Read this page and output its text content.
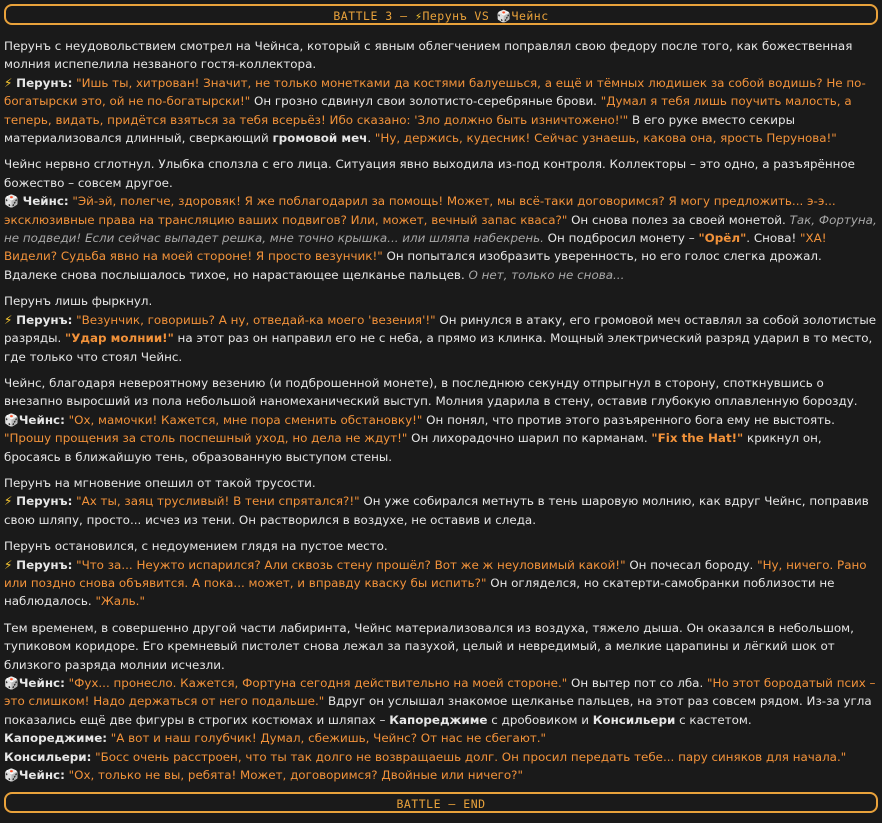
BATTLE 3 – ⚡Перунъ VS 🎲Чейнс
Перунъ с неудовольствием смотрел на Чейнса, который с явным облегчением поправлял свою федору после того, как божественная молния испепелила незваного гостя-коллектора.
⚡ Перунъ: "Ишь ты, хитрован! Значит, не только монетками да костями балуешься, а ещё и тёмных людишек за собой водишь? Не по-богатырски это, ой не по-богатырски!" Он грозно сдвинул свои золотисто-серебряные брови. "Думал я тебя лишь поучить малость, а теперь, видать, придётся взяться за тебя всерьёз! Ибо сказано: 'Зло должно быть изничтожено!'" В его руке вместо секиры материализовался длинный, сверкающий громовой меч. "Ну, держись, кудесник! Сейчас узнаешь, какова она, ярость Перунова!"
Чейнс нервно сглотнул. Улыбка сползла с его лица. Ситуация явно выходила из-под контроля. Коллекторы – это одно, а разъярённое божество – совсем другое.
🎲 Чейнс: "Эй-эй, полегче, здоровяк! Я же поблагодарил за помощь! Может, мы всё-таки договоримся? Я могу предложить... э-э... эксклюзивные права на трансляцию ваших подвигов? Или, может, вечный запас кваса?" Он снова полез за своей монетой. Так, Фортуна, не подведи! Если сейчас выпадет решка, мне точно крышка... или шляпа набекрень. Он подбросил монету – "Орёл". Снова! "ХА! Видели? Судьба явно на моей стороне! Я просто везунчик!" Он попытался изобразить уверенность, но его голос слегка дрожал. Вдалеке снова послышалось тихое, но нарастающее щелканье пальцев. О нет, только не снова...
Перунъ лишь фыркнул.
⚡ Перунъ: "Везунчик, говоришь? А ну, отведай-ка моего 'везения'!" Он ринулся в атаку, его громовой меч оставлял за собой золотистые разряды. "Удар молнии!" на этот раз он направил его не с неба, а прямо из клинка. Мощный электрический разряд ударил в то место, где только что стоял Чейнс.
Чейнс, благодаря невероятному везению (и подброшенной монете), в последнюю секунду отпрыгнул в сторону, споткнувшись о внезапно выросший из пола небольшой наномеханический выступ. Молния ударила в стену, оставив глубокую оплавленную борозду.
🎲Чейнс: "Ох, мамочки! Кажется, мне пора сменить обстановку!" Он понял, что против этого разъяренного бога ему не выстоять. "Прошу прощения за столь поспешный уход, но дела не ждут!" Он лихорадочно шарил по карманам. "Fix the Hat!" крикнул он, бросаясь в ближайшую тень, образованную выступом стены.
Перунъ на мгновение опешил от такой трусости.
⚡ Перунъ: "Ах ты, заяц трусливый! В тени спрятался?!" Он уже собирался метнуть в тень шаровую молнию, как вдруг Чейнс, поправив свою шляпу, просто... исчез из тени. Он растворился в воздухе, не оставив и следа.
Перунъ остановился, с недоумением глядя на пустое место.
⚡ Перунъ: "Что за... Неужто испарился? Али сквозь стену прошёл? Вот же ж неуловимый какой!" Он почесал бороду. "Ну, ничего. Рано или поздно снова объявится. А пока... может, и вправду кваску бы испить?" Он огляделся, но скатерти-самобранки поблизости не наблюдалось. "Жаль."
Тем временем, в совершенно другой части лабиринта, Чейнс материализовался из воздуха, тяжело дыша. Он оказался в небольшом, тупиковом коридоре. Его кремневый пистолет снова лежал за пазухой, целый и невредимый, а мелкие царапины и лёгкий шок от близкого разряда молнии исчезли.
🎲Чейнс: "Фух... пронесло. Кажется, Фортуна сегодня действительно на моей стороне." Он вытер пот со лба. "Но этот бородатый псих – это слишком! Надо держаться от него подальше." Вдруг он услышал знакомое щелканье пальцев, на этот раз совсем рядом. Из-за угла показались ещё две фигуры в строгих костюмах и шляпах – Капореджиме с дробовиком и Консильери с кастетом.
Капореджиме: "А вот и наш голубчик! Думал, сбежишь, Чейнс? От нас не сбегают."
Консильери: "Босс очень расстроен, что ты так долго не возвращаешь долг. Он просил передать тебе... пару синяков для начала."
🎲Чейнс: "Ох, только не вы, ребята! Может, договоримся? Двойные или ничего?"
BATTLE – END
